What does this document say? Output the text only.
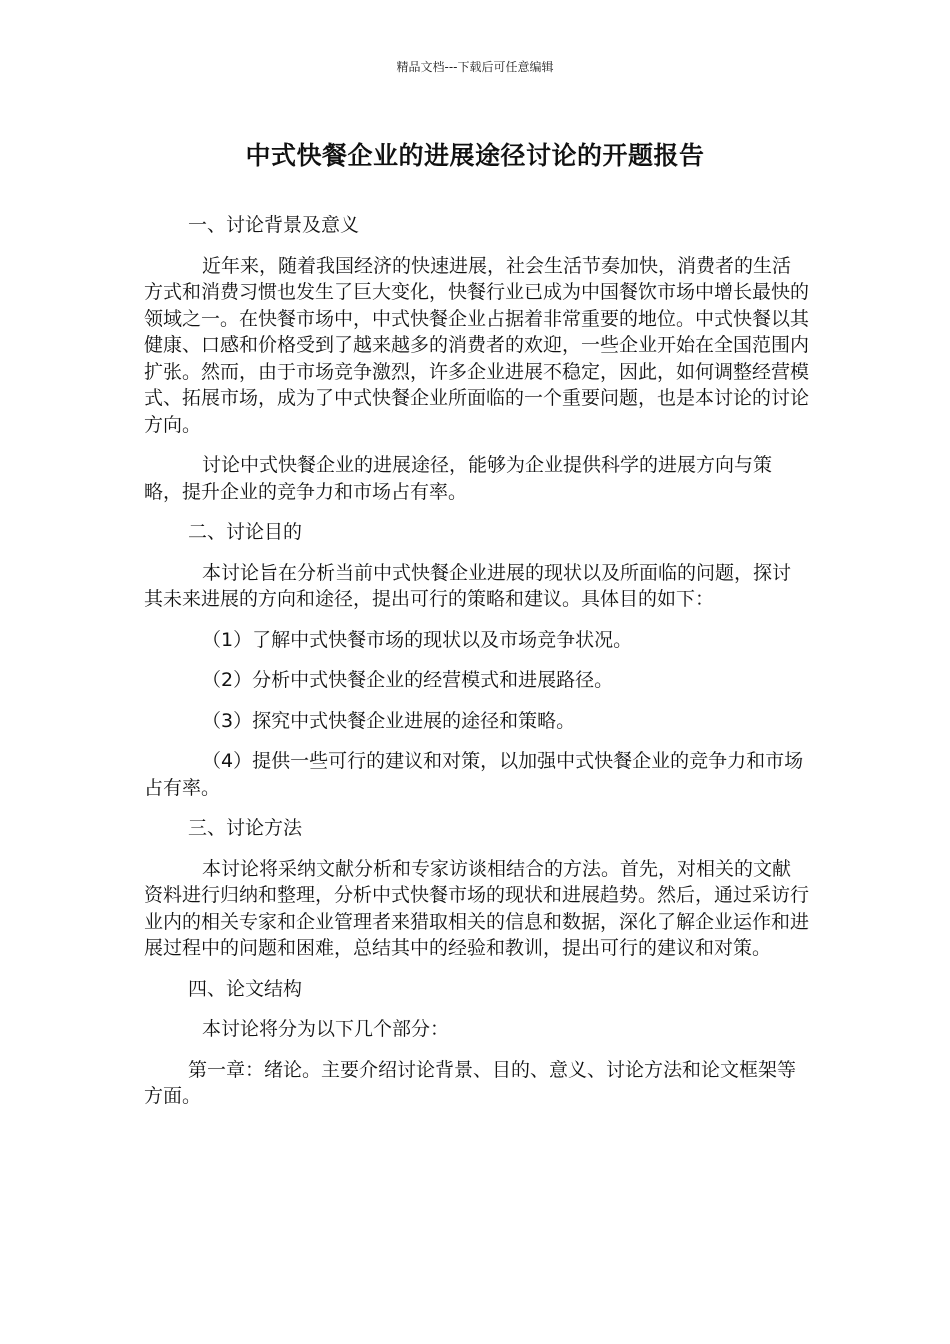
精品文档---下载后可任意编辑
中式快餐企业的进展途径讨论的开题报告

一、讨论背景及意义

近年来，随着我国经济的快速进展，社会生活节奏加快，消费者的生活方式和消费习惯也发生了巨大变化，快餐行业已成为中国餐饮市场中增长最快的领域之一。在快餐市场中，中式快餐企业占据着非常重要的地位。中式快餐以其健康、口感和价格受到了越来越多的消费者的欢迎，一些企业开始在全国范围内扩张。然而，由于市场竞争激烈，许多企业进展不稳定，因此，如何调整经营模式、拓展市场，成为了中式快餐企业所面临的一个重要问题，也是本讨论的讨论方向。

讨论中式快餐企业的进展途径，能够为企业提供科学的进展方向与策略，提升企业的竞争力和市场占有率。

二、讨论目的

本讨论旨在分析当前中式快餐企业进展的现状以及所面临的问题，探讨其未来进展的方向和途径，提出可行的策略和建议。具体目的如下：

（1）了解中式快餐市场的现状以及市场竞争状况。

（2）分析中式快餐企业的经营模式和进展路径。

（3）探究中式快餐企业进展的途径和策略。

（4）提供一些可行的建议和对策，以加强中式快餐企业的竞争力和市场占有率。

三、讨论方法

本讨论将采纳文献分析和专家访谈相结合的方法。首先，对相关的文献资料进行归纳和整理，分析中式快餐市场的现状和进展趋势。然后，通过采访行业内的相关专家和企业管理者来猎取相关的信息和数据，深化了解企业运作和进展过程中的问题和困难，总结其中的经验和教训，提出可行的建议和对策。

四、论文结构

本讨论将分为以下几个部分：

第一章：绪论。主要介绍讨论背景、目的、意义、讨论方法和论文框架等方面。
